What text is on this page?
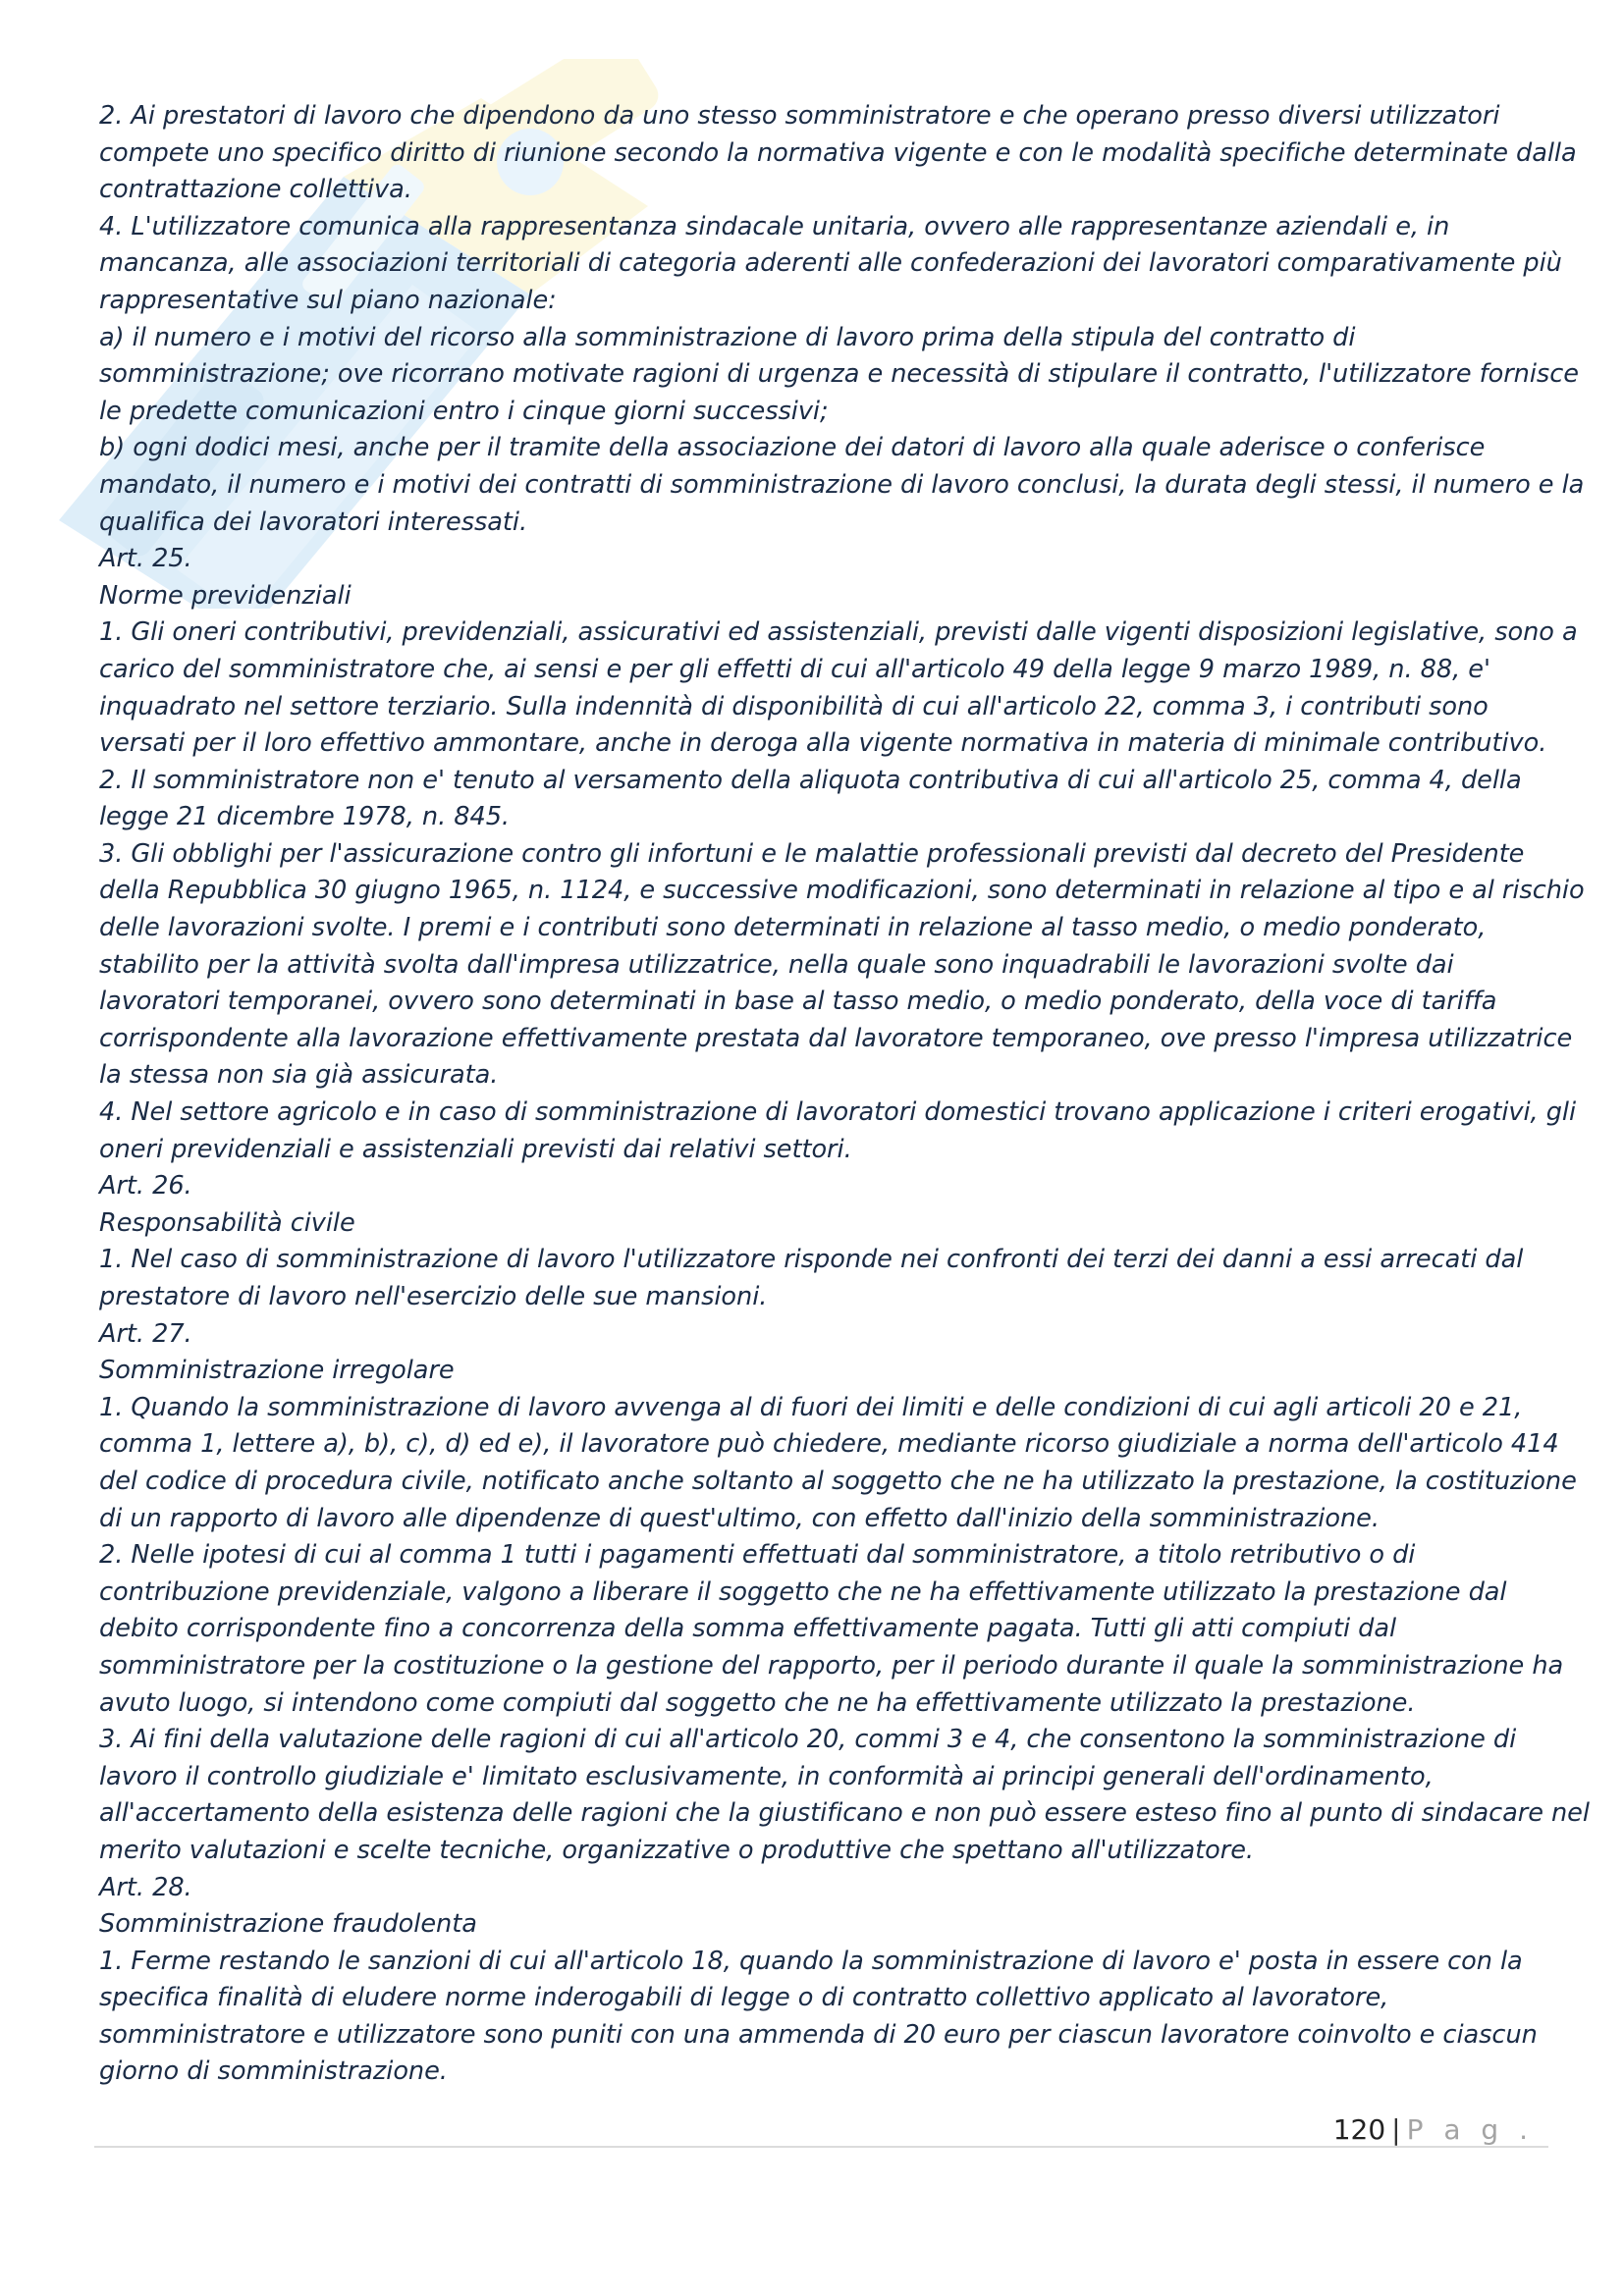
2. Ai prestatori di lavoro che dipendono da uno stesso somministratore e che operano presso diversi utilizzatori
compete uno specifico diritto di riunione secondo la normativa vigente e con le modalità specifiche determinate dalla
contrattazione collettiva.
4. L'utilizzatore comunica alla rappresentanza sindacale unitaria, ovvero alle rappresentanze aziendali e, in
mancanza, alle associazioni territoriali di categoria aderenti alle confederazioni dei lavoratori comparativamente più
rappresentative sul piano nazionale:
a) il numero e i motivi del ricorso alla somministrazione di lavoro prima della stipula del contratto di
somministrazione; ove ricorrano motivate ragioni di urgenza e necessità di stipulare il contratto, l'utilizzatore fornisce
le predette comunicazioni entro i cinque giorni successivi;
b) ogni dodici mesi, anche per il tramite della associazione dei datori di lavoro alla quale aderisce o conferisce
mandato, il numero e i motivi dei contratti di somministrazione di lavoro conclusi, la durata degli stessi, il numero e la
qualifica dei lavoratori interessati.
Art. 25.
Norme previdenziali
1. Gli oneri contributivi, previdenziali, assicurativi ed assistenziali, previsti dalle vigenti disposizioni legislative, sono a
carico del somministratore che, ai sensi e per gli effetti di cui all'articolo 49 della legge 9 marzo 1989, n. 88, e'
inquadrato nel settore terziario. Sulla indennità di disponibilità di cui all'articolo 22, comma 3, i contributi sono
versati per il loro effettivo ammontare, anche in deroga alla vigente normativa in materia di minimale contributivo.
2. Il somministratore non e' tenuto al versamento della aliquota contributiva di cui all'articolo 25, comma 4, della
legge 21 dicembre 1978, n. 845.
3. Gli obblighi per l'assicurazione contro gli infortuni e le malattie professionali previsti dal decreto del Presidente
della Repubblica 30 giugno 1965, n. 1124, e successive modificazioni, sono determinati in relazione al tipo e al rischio
delle lavorazioni svolte. I premi e i contributi sono determinati in relazione al tasso medio, o medio ponderato,
stabilito per la attività svolta dall'impresa utilizzatrice, nella quale sono inquadrabili le lavorazioni svolte dai
lavoratori temporanei, ovvero sono determinati in base al tasso medio, o medio ponderato, della voce di tariffa
corrispondente alla lavorazione effettivamente prestata dal lavoratore temporaneo, ove presso l'impresa utilizzatrice
la stessa non sia già assicurata.
4. Nel settore agricolo e in caso di somministrazione di lavoratori domestici trovano applicazione i criteri erogativi, gli
oneri previdenziali e assistenziali previsti dai relativi settori.
Art. 26.
Responsabilità civile
1. Nel caso di somministrazione di lavoro l'utilizzatore risponde nei confronti dei terzi dei danni a essi arrecati dal
prestatore di lavoro nell'esercizio delle sue mansioni.
Art. 27.
Somministrazione irregolare
1. Quando la somministrazione di lavoro avvenga al di fuori dei limiti e delle condizioni di cui agli articoli 20 e 21,
comma 1, lettere a), b), c), d) ed e), il lavoratore può chiedere, mediante ricorso giudiziale a norma dell'articolo 414
del codice di procedura civile, notificato anche soltanto al soggetto che ne ha utilizzato la prestazione, la costituzione
di un rapporto di lavoro alle dipendenze di quest'ultimo, con effetto dall'inizio della somministrazione.
2. Nelle ipotesi di cui al comma 1 tutti i pagamenti effettuati dal somministratore, a titolo retributivo o di
contribuzione previdenziale, valgono a liberare il soggetto che ne ha effettivamente utilizzato la prestazione dal
debito corrispondente fino a concorrenza della somma effettivamente pagata. Tutti gli atti compiuti dal
somministratore per la costituzione o la gestione del rapporto, per il periodo durante il quale la somministrazione ha
avuto luogo, si intendono come compiuti dal soggetto che ne ha effettivamente utilizzato la prestazione.
3. Ai fini della valutazione delle ragioni di cui all'articolo 20, commi 3 e 4, che consentono la somministrazione di
lavoro il controllo giudiziale e' limitato esclusivamente, in conformità ai principi generali dell'ordinamento,
all'accertamento della esistenza delle ragioni che la giustificano e non può essere esteso fino al punto di sindacare nel
merito valutazioni e scelte tecniche, organizzative o produttive che spettano all'utilizzatore.
Art. 28.
Somministrazione fraudolenta
1. Ferme restando le sanzioni di cui all'articolo 18, quando la somministrazione di lavoro e' posta in essere con la
specifica finalità di eludere norme inderogabili di legge o di contratto collettivo applicato al lavoratore,
somministratore e utilizzatore sono puniti con una ammenda di 20 euro per ciascun lavoratore coinvolto e ciascun
giorno di somministrazione.
120 | P a g .
